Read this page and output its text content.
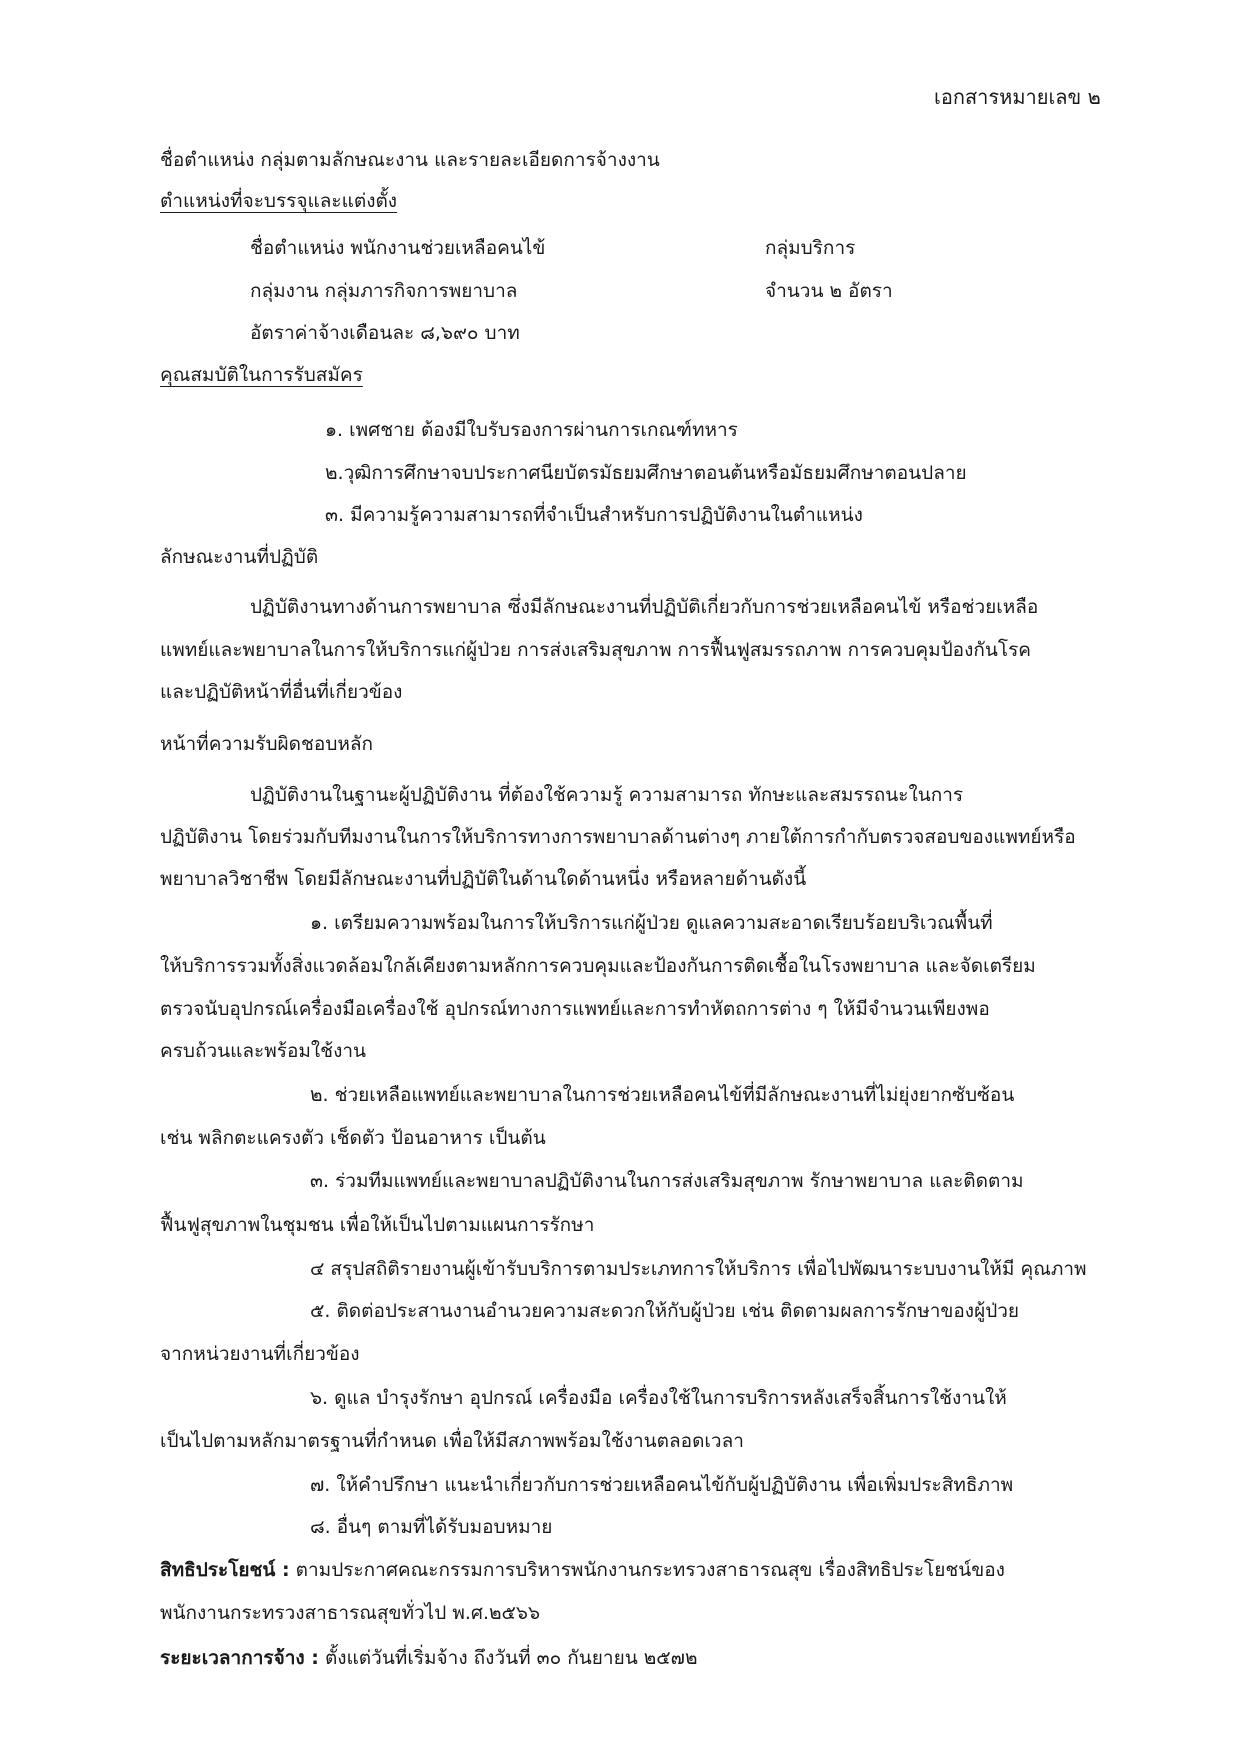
เอกสารหมายเลข ๒
ชื่อตำแหน่ง กลุ่มตามลักษณะงาน และรายละเอียดการจ้างงาน
ตำแหน่งที่จะบรรจุและแต่งตั้ง
ชื่อตำแหน่ง พนักงานช่วยเหลือคนไข้	กลุ่มบริการ
กลุ่มงาน กลุ่มภารกิจการพยาบาล	จำนวน ๒ อัตรา
อัตราค่าจ้างเดือนละ ๘,๖๙๐ บาท
คุณสมบัติในการรับสมัคร
๑. เพศชาย ต้องมีใบรับรองการผ่านการเกณฑ์ทหาร
๒.วุฒิการศึกษาจบประกาศนียบัตรมัธยมศึกษาตอนต้นหรือมัธยมศึกษาตอนปลาย
๓. มีความรู้ความสามารถที่จำเป็นสำหรับการปฏิบัติงานในตำแหน่ง
ลักษณะงานที่ปฏิบัติ
ปฏิบัติงานทางด้านการพยาบาล ซึ่งมีลักษณะงานที่ปฏิบัติเกี่ยวกับการช่วยเหลือคนไข้ หรือช่วยเหลือ
แพทย์และพยาบาลในการให้บริการแก่ผู้ป่วย การส่งเสริมสุขภาพ การฟื้นฟูสมรรถภาพ การควบคุมป้องกันโรค
และปฏิบัติหน้าที่อื่นที่เกี่ยวข้อง
หน้าที่ความรับผิดชอบหลัก
ปฏิบัติงานในฐานะผู้ปฏิบัติงาน ที่ต้องใช้ความรู้ ความสามารถ ทักษะและสมรรถนะในการ
ปฏิบัติงาน โดยร่วมกับทีมงานในการให้บริการทางการพยาบาลด้านต่างๆ ภายใต้การกำกับตรวจสอบของแพทย์หรือ
พยาบาลวิชาชีพ โดยมีลักษณะงานที่ปฏิบัติในด้านใดด้านหนึ่ง หรือหลายด้านดังนี้
๑. เตรียมความพร้อมในการให้บริการแก่ผู้ป่วย ดูแลความสะอาดเรียบร้อยบริเวณพื้นที่
ให้บริการรวมทั้งสิ่งแวดล้อมใกล้เคียงตามหลักการควบคุมและป้องกันการติดเชื้อในโรงพยาบาล และจัดเตรียม
ตรวจนับอุปกรณ์เครื่องมือเครื่องใช้ อุปกรณ์ทางการแพทย์และการทำหัตถการต่าง ๆ ให้มีจำนวนเพียงพอ
ครบถ้วนและพร้อมใช้งาน
๒. ช่วยเหลือแพทย์และพยาบาลในการช่วยเหลือคนไข้ที่มีลักษณะงานที่ไม่ยุ่งยากซับซ้อน
เช่น พลิกตะแครงตัว เช็ดตัว ป้อนอาหาร เป็นต้น
๓. ร่วมทีมแพทย์และพยาบาลปฏิบัติงานในการส่งเสริมสุขภาพ รักษาพยาบาล และติดตาม
ฟื้นฟูสุขภาพในชุมชน เพื่อให้เป็นไปตามแผนการรักษา
๔ สรุปสถิติรายงานผู้เข้ารับบริการตามประเภทการให้บริการ เพื่อไปพัฒนาระบบงานให้มี คุณภาพ
๕. ติดต่อประสานงานอำนวยความสะดวกให้กับผู้ป่วย เช่น ติดตามผลการรักษาของผู้ป่วย
จากหน่วยงานที่เกี่ยวข้อง
๖. ดูแล บำรุงรักษา อุปกรณ์ เครื่องมือ เครื่องใช้ในการบริการหลังเสร็จสิ้นการใช้งานให้
เป็นไปตามหลักมาตรฐานที่กำหนด เพื่อให้มีสภาพพร้อมใช้งานตลอดเวลา
๗. ให้คำปรึกษา แนะนำเกี่ยวกับการช่วยเหลือคนไข้กับผู้ปฏิบัติงาน เพื่อเพิ่มประสิทธิภาพ
๘. อื่นๆ ตามที่ได้รับมอบหมาย
สิทธิประโยชน์ : ตามประกาศคณะกรรมการบริหารพนักงานกระทรวงสาธารณสุข เรื่องสิทธิประโยชน์ของ
พนักงานกระทรวงสาธารณสุขทั่วไป พ.ศ.๒๕๖๖
ระยะเวลาการจ้าง : ตั้งแต่วันที่เริ่มจ้าง ถึงวันที่ ๓๐ กันยายน ๒๕๗๒
